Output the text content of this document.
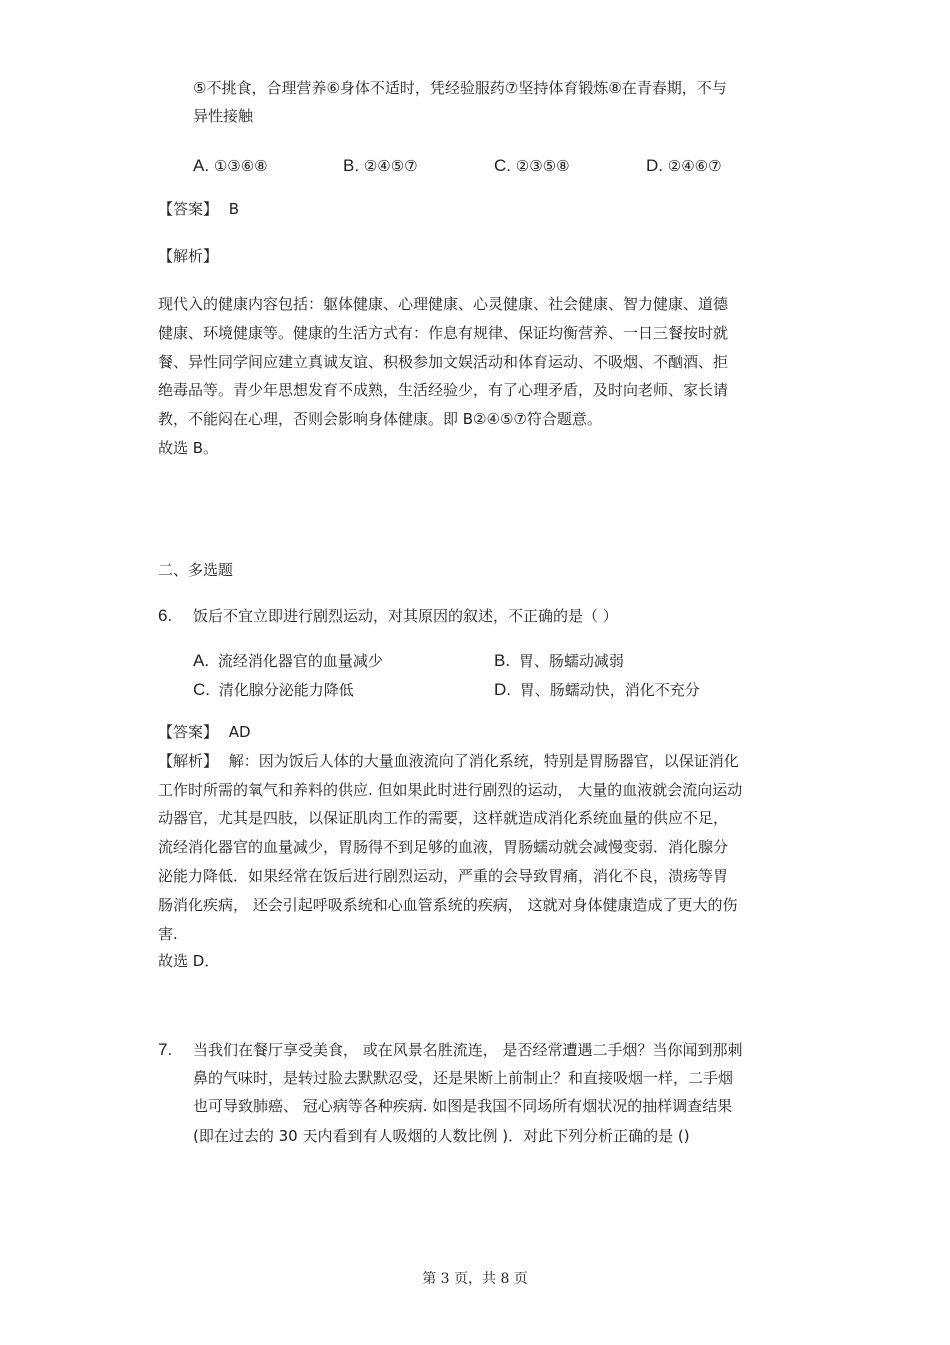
⑤不挑食，合理营养⑥身体不适时，凭经验服药⑦坚持体育锻炼⑧在青春期，不与
异性接触
A. ①③⑥⑧	B. ②④⑤⑦	C. ②③⑤⑧	D. ②④⑥⑦
【答案】 B
【解析】
现代入的健康内容包括：躯体健康、心理健康、心灵健康、社会健康、智力健康、道德
健康、环境健康等。健康的生活方式有：作息有规律、保证均衡营养、一日三餐按时就
餐、异性同学间应建立真诚友谊、积极参加文娱活动和体育运动、不吸烟、不酗酒、拒
绝毒品等。青少年思想发育不成熟，生活经验少，有了心理矛盾，及时向老师、家长请
教，不能闷在心理，否则会影响身体健康。即 B②④⑤⑦符合题意。
故选 B。
二、多选题
6. 饭后不宜立即进行剧烈运动，对其原因的叙述，不正确的是（ ）
A. 流经消化器官的血量减少	B. 胃、肠蠕动减弱
C. 清化腺分泌能力降低	D. 胃、肠蠕动快，消化不充分
【答案】 AD
【解析】 解：因为饭后人体的大量血液流向了消化系统，特别是胃肠器官，以保证消化
工作时所需的氧气和养料的供应. 但如果此时进行剧烈的运动， 大量的血液就会流向运动
动器官，尤其是四肢，以保证肌肉工作的需要，这样就造成消化系统血量的供应不足，
流经消化器官的血量减少，胃肠得不到足够的血液，胃肠蠕动就会减慢变弱．消化腺分
泌能力降低．如果经常在饭后进行剧烈运动，严重的会导致胃痛，消化不良，溃疡等胃
肠消化疾病， 还会引起呼吸系统和心血管系统的疾病， 这就对身体健康造成了更大的伤
害.
故选 D．
7. 当我们在餐厅享受美食， 或在风景名胜流连， 是否经常遭遇二手烟？当你闻到那刺
鼻的气味时，是转过脸去默默忍受，还是果断上前制止？和直接吸烟一样，二手烟
也可导致肺癌、 冠心病等各种疾病. 如图是我国不同场所有烟状况的抽样调查结果
(即在过去的 30 天内看到有人吸烟的人数比例 )．对此下列分析正确的是 ()
第 3 页，共 8 页
